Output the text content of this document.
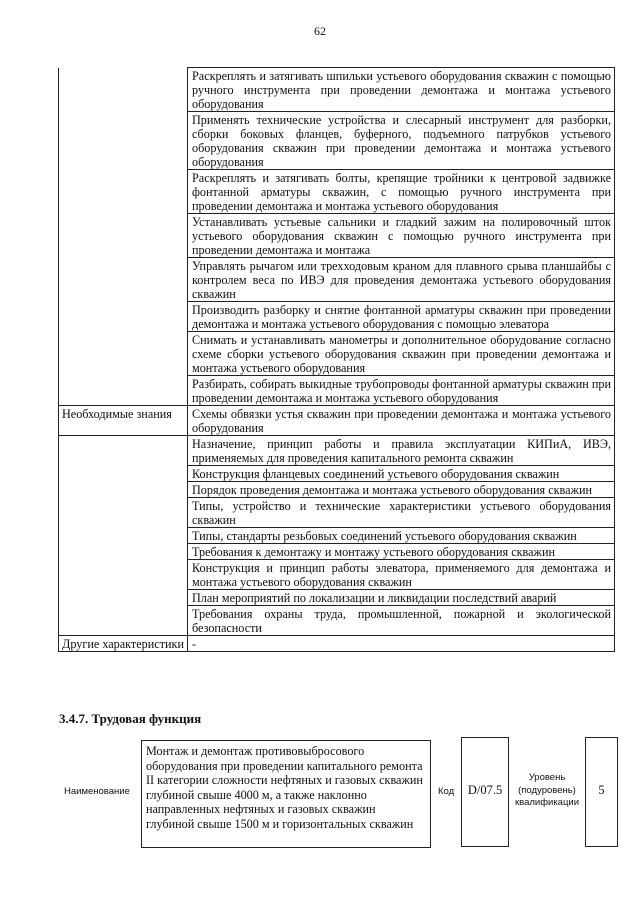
62
	Раскреплять и затягивать шпильки устьевого оборудования скважин с помощью ручного инструмента при проведении демонтажа и монтажа устьевого оборудования
	Применять технические устройства и слесарный инструмент для разборки, сборки боковых фланцев, буферного, подъемного патрубков устьевого оборудования скважин при проведении демонтажа и монтажа устьевого оборудования
	Раскреплять и затягивать болты, крепящие тройники к центровой задвижке фонтанной арматуры скважин, с помощью ручного инструмента при проведении демонтажа и монтажа устьевого оборудования
	Устанавливать устьевые сальники и гладкий зажим на полировочный шток устьевого оборудования скважин с помощью ручного инструмента при проведении демонтажа и монтажа
	Управлять рычагом или трехходовым краном для плавного срыва планшайбы с контролем веса по ИВЭ для проведения демонтажа устьевого оборудования скважин
	Производить разборку и снятие фонтанной арматуры скважин при проведении демонтажа и монтажа устьевого оборудования с помощью элеватора
	Снимать и устанавливать манометры и дополнительное оборудование согласно схеме сборки устьевого оборудования скважин при проведении демонтажа и монтажа устьевого оборудования
	Разбирать, собирать выкидные трубопроводы фонтанной арматуры скважин при проведении демонтажа и монтажа устьевого оборудования
Необходимые знания	Схемы обвязки устья скважин при проведении демонтажа и монтажа устьевого оборудования
	Назначение, принцип работы и правила эксплуатации КИПиА, ИВЭ, применяемых для проведения капитального ремонта скважин
	Конструкция фланцевых соединений устьевого оборудования скважин
	Порядок проведения демонтажа и монтажа устьевого оборудования скважин
	Типы, устройство и технические характеристики устьевого оборудования скважин
	Типы, стандарты резьбовых соединений устьевого оборудования скважин
	Требования к демонтажу и монтажу устьевого оборудования скважин
	Конструкция и принцип работы элеватора, применяемого для демонтажа и монтажа устьевого оборудования скважин
	План мероприятий по локализации и ликвидации последствий аварий
	Требования охраны труда, промышленной, пожарной и экологической безопасности
Другие характеристики	-
3.4.7. Трудовая функция
Наименование
Монтаж и демонтаж противовыбросового оборудования при проведении капитального ремонта II категории сложности нефтяных и газовых скважин глубиной свыше 4000 м, а также наклонно направленных нефтяных и газовых скважин глубиной свыше 1500 м и горизонтальных скважин
Код	D/07.5
Уровень (подуровень) квалификации
5
